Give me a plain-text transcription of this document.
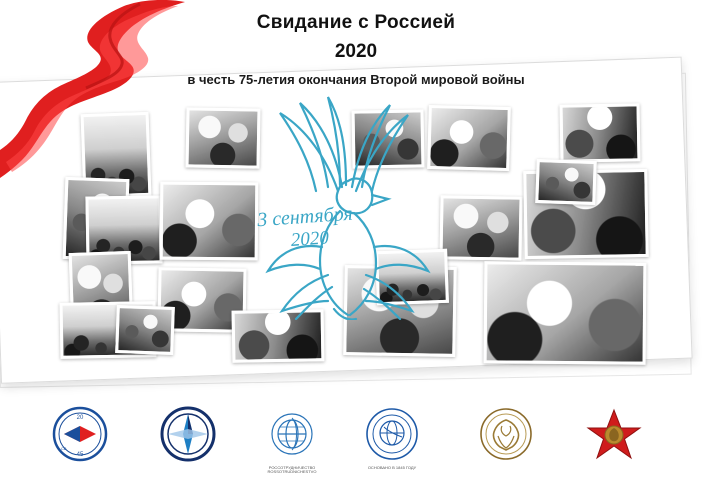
Свидание с Россией
2020
в честь 75-летия окончания Второй мировой войны
3 сентября
2020
20
45
СВ
РОССОТРУДНИЧЕСТВО
ROSSOTRUDNICHESTVO
ОСНОВАНО В 1845 ГОДУ
